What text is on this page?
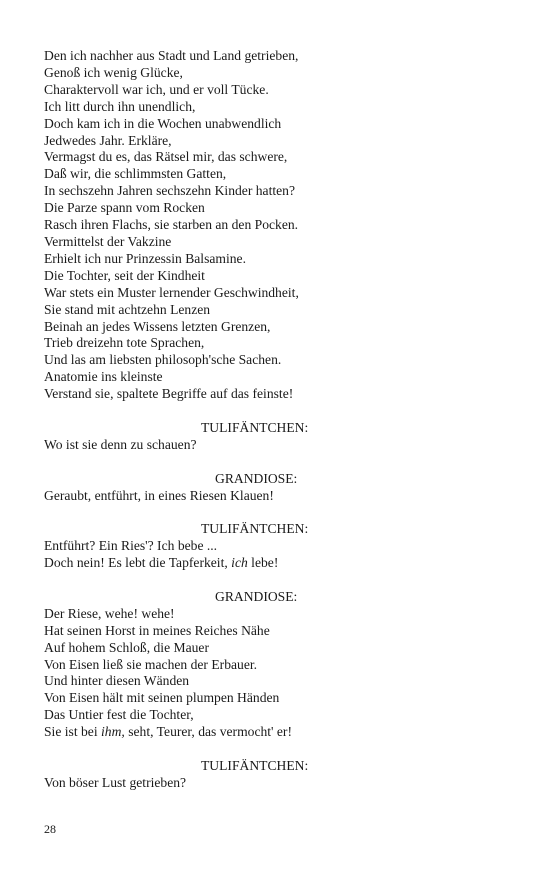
Den ich nachher aus Stadt und Land getrieben,
Genoß ich wenig Glücke,
Charaktervoll war ich, und er voll Tücke.
Ich litt durch ihn unendlich,
Doch kam ich in die Wochen unabwendlich
Jedwedes Jahr. Erkläre,
Vermagst du es, das Rätsel mir, das schwere,
Daß wir, die schlimmsten Gatten,
In sechszehn Jahren sechszehn Kinder hatten?
Die Parze spann vom Rocken
Rasch ihren Flachs, sie starben an den Pocken.
Vermittelst der Vakzine
Erhielt ich nur Prinzessin Balsamine.
Die Tochter, seit der Kindheit
War stets ein Muster lernender Geschwindheit,
Sie stand mit achtzehn Lenzen
Beinah an jedes Wissens letzten Grenzen,
Trieb dreizehn tote Sprachen,
Und las am liebsten philosoph'sche Sachen.
Anatomie ins kleinste
Verstand sie, spaltete Begriffe auf das feinste!
TULIFÄNTCHEN:
Wo ist sie denn zu schauen?
GRANDIOSE:
Geraubt, entführt, in eines Riesen Klauen!
TULIFÄNTCHEN:
Entführt? Ein Ries'? Ich bebe ...
Doch nein! Es lebt die Tapferkeit, ich lebe!
GRANDIOSE:
Der Riese, wehe! wehe!
Hat seinen Horst in meines Reiches Nähe
Auf hohem Schloß, die Mauer
Von Eisen ließ sie machen der Erbauer.
Und hinter diesen Wänden
Von Eisen hält mit seinen plumpen Händen
Das Untier fest die Tochter,
Sie ist bei ihm, seht, Teurer, das vermocht' er!
TULIFÄNTCHEN:
Von böser Lust getrieben?
28
